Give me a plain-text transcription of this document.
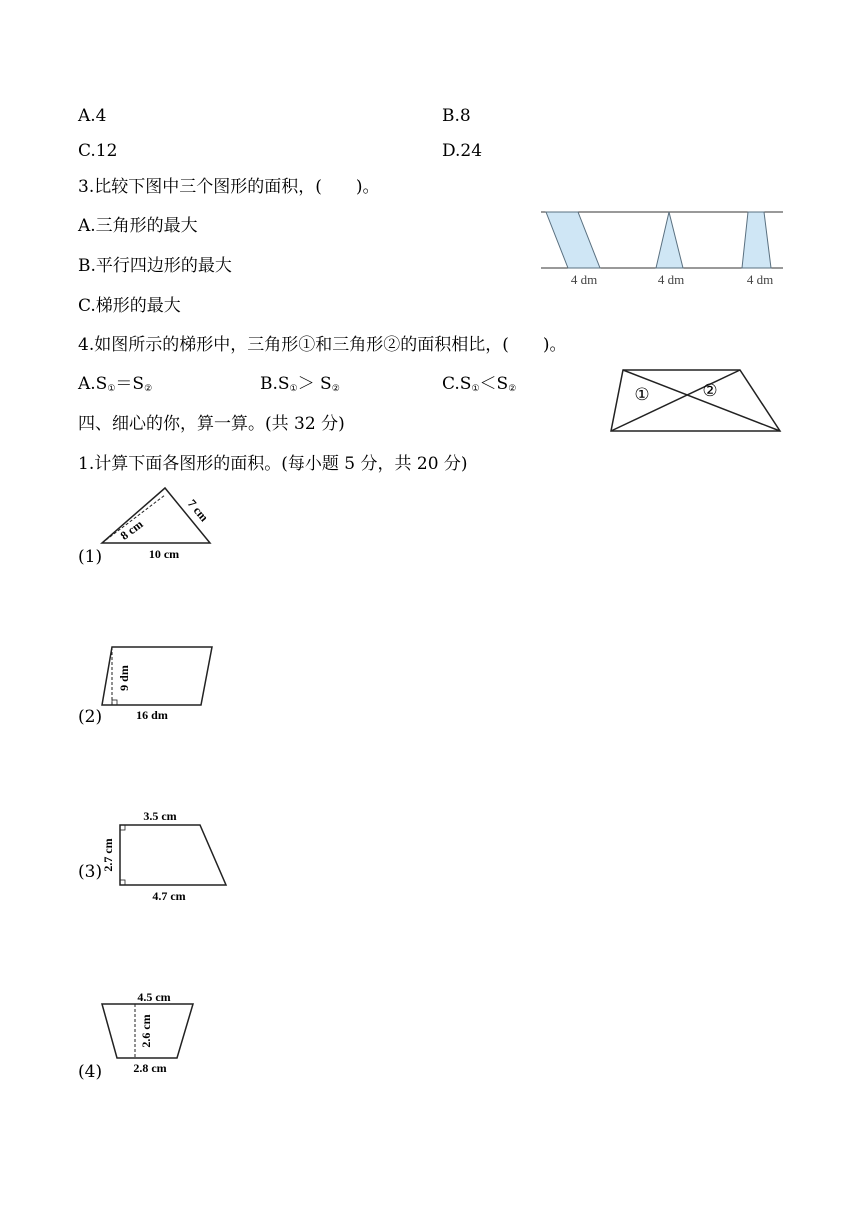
A.4	B.8
C.12	D.24
3.比较下图中三个图形的面积，(　　)。
A.三角形的最大
B.平行四边形的最大
C.梯形的最大
4 dm	4 dm	4 dm
4.如图所示的梯形中，三角形①和三角形②的面积相比，(　　)。
$A.S_①=S_②$	$B.S_①> S_②$	$C.S_①<S_②$	①	②
四、细心的你，算一算。(共 32 分)
1.计算下面各图形的面积。(每小题 5 分，共 20 分)
(1)
8 cm
7 cm
10 cm
(2)
9 dm
16 dm
(3)
3.5 cm
2.7 cm
4.7 cm
(4)
4.5 cm
2.6 cm
2.8 cm
